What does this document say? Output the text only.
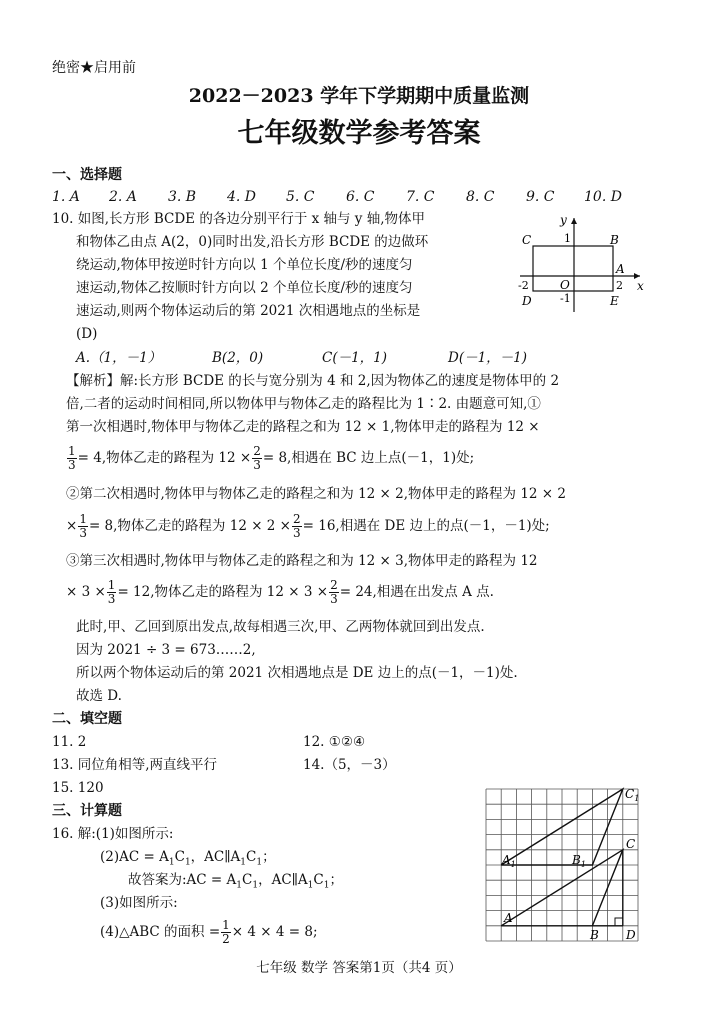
绝密★启用前
2022－2023 学年下学期期中质量监测
七年级数学参考答案
一、选择题
1. A 2. A 3. B 4. D 5. C 6. C 7. C 8. C 9. C 10. D
10. 如图,长方形 BCDE 的各边分别平行于 x 轴与 y 轴,物体甲
和物体乙由点 A(2，0)同时出发,沿长方形 BCDE 的边做环
绕运动,物体甲按逆时针方向以 1 个单位长度/秒的速度匀
速运动,物体乙按顺时针方向以 2 个单位长度/秒的速度匀
速运动,则两个物体运动后的第 2021 次相遇地点的坐标是
(D)
x
y
C	B
A
D	E
O
1
-1
2
-2
A.（1，－1）	B(2，0)	C(－1，1)	D(－1，－1)
【解析】解:长方形 BCDE 的长与宽分别为 4 和 2,因为物体乙的速度是物体甲的 2
倍,二者的运动时间相同,所以物体甲与物体乙走的路程比为 1∶2. 由题意可知,①
第一次相遇时,物体甲与物体乙走的路程之和为 12 × 1,物体甲走的路程为 12 ×
$\frac{1}{3} = 4$,物体乙走的路程为 $12 \times \frac{2}{3} = 8$,相遇在 BC 边上点(－1，1)处;
②第二次相遇时,物体甲与物体乙走的路程之和为 12 × 2,物体甲走的路程为 12 × 2
× $\frac{1}{3} = 8$,物体乙走的路程为 $12 \times 2 \times \frac{2}{3} = 16$,相遇在 DE 边上的点(－1，－1)处;
③第三次相遇时,物体甲与物体乙走的路程之和为 12 × 3,物体甲走的路程为 12
× $3 \times \frac{1}{3} = 12$,物体乙走的路程为 $12 \times 3 \times \frac{2}{3} = 24$,相遇在出发点 A 点.
此时,甲、乙回到原出发点,故每相遇三次,甲、乙两物体就回到出发点.
因为 2021 ÷ 3 = 673……2,
所以两个物体运动后的第 2021 次相遇地点是 DE 边上的点(－1，－1)处.
故选 D.
二、填空题
11. 2	12. ①②④
13. 同位角相等,两直线平行	14.（5，－3）
15. 120
三、计算题
16. 解:(1)如图所示:
$(2)AC = A_1C_1$，$AC\parallel A_1C_1$；
故答案为:AC = $A_1C_1$，$AC\parallel A_1C_1$；
(3)如图所示:
(4)△ABC 的面积 = $\frac{1}{2} \times 4 \times 4 = 8$;
$C_1$
$A_1$	$B_1$
C
A
B D
七年级 数学 答案第1页（共4 页）
